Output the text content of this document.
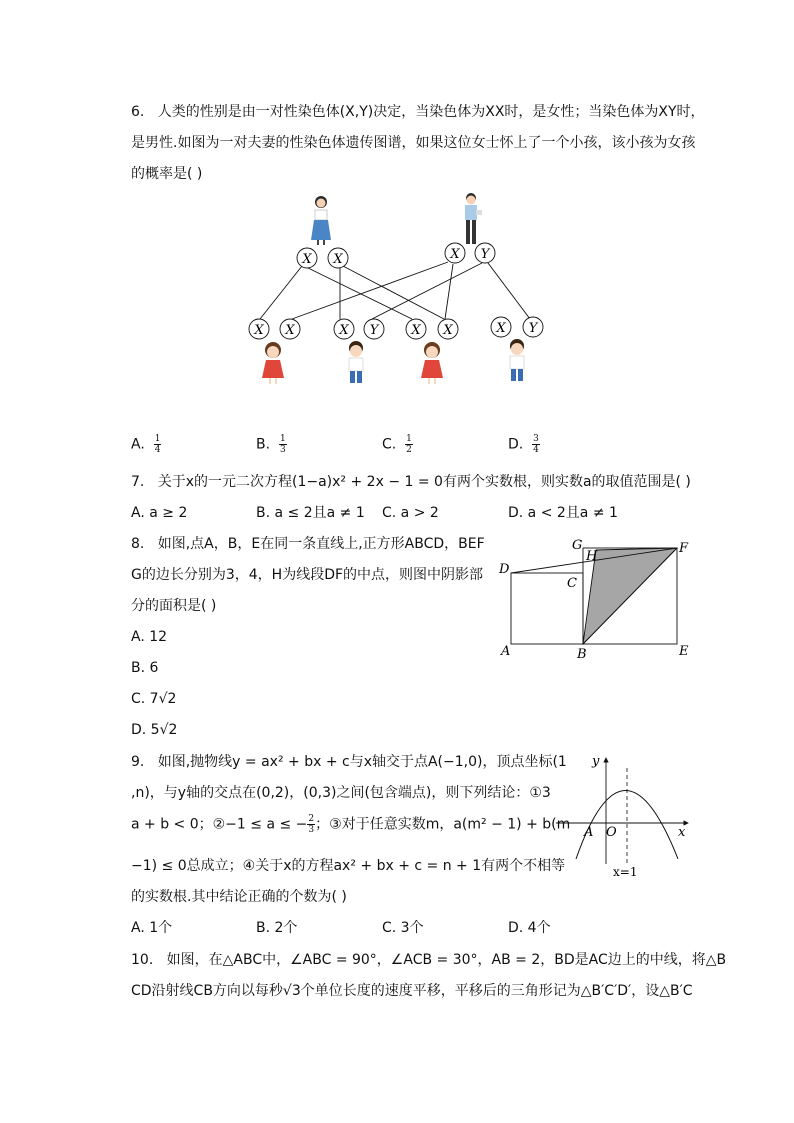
6. 人类的性别是由一对性染色体(X,Y)决定，当染色体为XX时，是女性；当染色体为XY时，
是男性.如图为一对夫妻的性染色体遗传图谱，如果这位女士怀上了一个小孩，该小孩为女孩
的概率是( )
X X	X Y
X X	X Y	X X	X Y
A. $\frac{1}{4}$	B. $\frac{1}{3}$	C. $\frac{1}{2}$	D. $\frac{3}{4}$
7. 关于x的一元二次方程(1−a)x² + 2x − 1 = 0有两个实数根，则实数a的取值范围是( )
A. a ≥ 2	B. a ≤ 2且a ≠ 1 C. a > 2	D. a < 2且a ≠ 1
8. 如图,点A，B，E在同一条直线上,正方形ABCD，BEF
G的边长分别为3，4，H为线段DF的中点，则图中阴影部
分的面积是( )
A. 12
B. 6
C. 7√2
D. 5√2
A	B
C
D
E
F
G
H
9. 如图,抛物线y = ax² + bx + c与x轴交于点A(−1,0)，顶点坐标(1
,n)，与y轴的交点在(0,2)，(0,3)之间(包含端点)，则下列结论：①3
a + b < 0；②−1 ≤ a ≤ − $\frac{2}{3}$ ；③对于任意实数m，a(m² − 1) + b(m
−1) ≤ 0总成立；④关于x的方程ax² + bx + c = n + 1有两个不相等
的实数根.其中结论正确的个数为( )
A. 1个	B. 2个	C. 3个	D. 4个
y
x
A O
x=1
10. 如图，在△ABC中，∠ABC = 90°，∠ACB = 30°，AB = 2，BD是AC边上的中线，将△B
CD沿射线CB方向以每秒√3个单位长度的速度平移，平移后的三角形记为△B′C′D′，设△B′C
